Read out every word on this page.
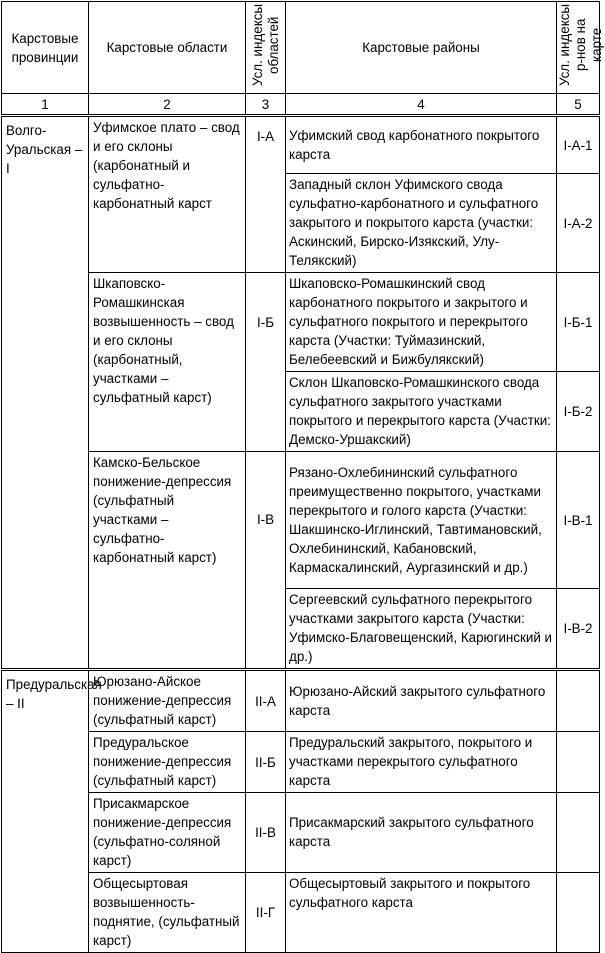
Карстовые провинции	Карстовые области	Усл. индексы областей	Карстовые районы	Усл. индексы р-нов на карте
1	2	3	4	5
Волго-Уральская – I	Уфимское плато – свод и его склоны (карбонатный и сульфатно-карбонатный карст	I-А	Уфимский свод карбонатного покрытого карста	I-А-1
			Западный склон Уфимского свода сульфатно-карбонатного и сульфатного закрытого и покрытого карста (участки: Аскинский, Бирско-Изякский, Улу-Телякский)	I-А-2
	Шкаповско-Ромашкинская возвышенность – свод и его склоны (карбонатный, участками – сульфатный карст)	I-Б	Шкаповско-Ромашкинский свод карбонатного покрытого и закрытого и сульфатного покрытого и перекрытого карста (Участки: Туймазинский, Белебеевский и Бижбулякский)	I-Б-1
			Склон Шкаповско-Ромашкинского свода сульфатного закрытого участками покрытого и перекрытого карста (Участки: Демско-Уршакский)	I-Б-2
	Камско-Бельское понижение-депрессия (сульфатный участками – сульфатно-карбонатный карст)	I-В	Рязано-Охлебининский сульфатного преимущественно покрытого, участками перекрытого и голого карста (Участки: Шакшинско-Иглинский, Тавтимановский, Охлебининский, Кабановский, Кармаскалинский, Аургазинский и др.)	I-В-1
			Сергеевский сульфатного перекрытого участками закрытого карста (Участки: Уфимско-Благовещенский, Карюгинский и др.)	I-В-2
Предуральская – II	Юрюзано-Айское понижение-депрессия (сульфатный карст)	II-А	Юрюзано-Айский закрытого сульфатного карста	
	Предуральское понижение-депрессия (сульфатный карст)	II-Б	Предуральский закрытого, покрытого и участками перекрытого сульфатного карста	
	Присакмарское понижение-депрессия (сульфатно-соляной карст)	II-В	Присакмарский закрытого сульфатного карста	
	Общесыртовая возвышенность-поднятие, (сульфатный карст)	II-Г	Общесыртовый закрытого и покрытого сульфатного карста	
